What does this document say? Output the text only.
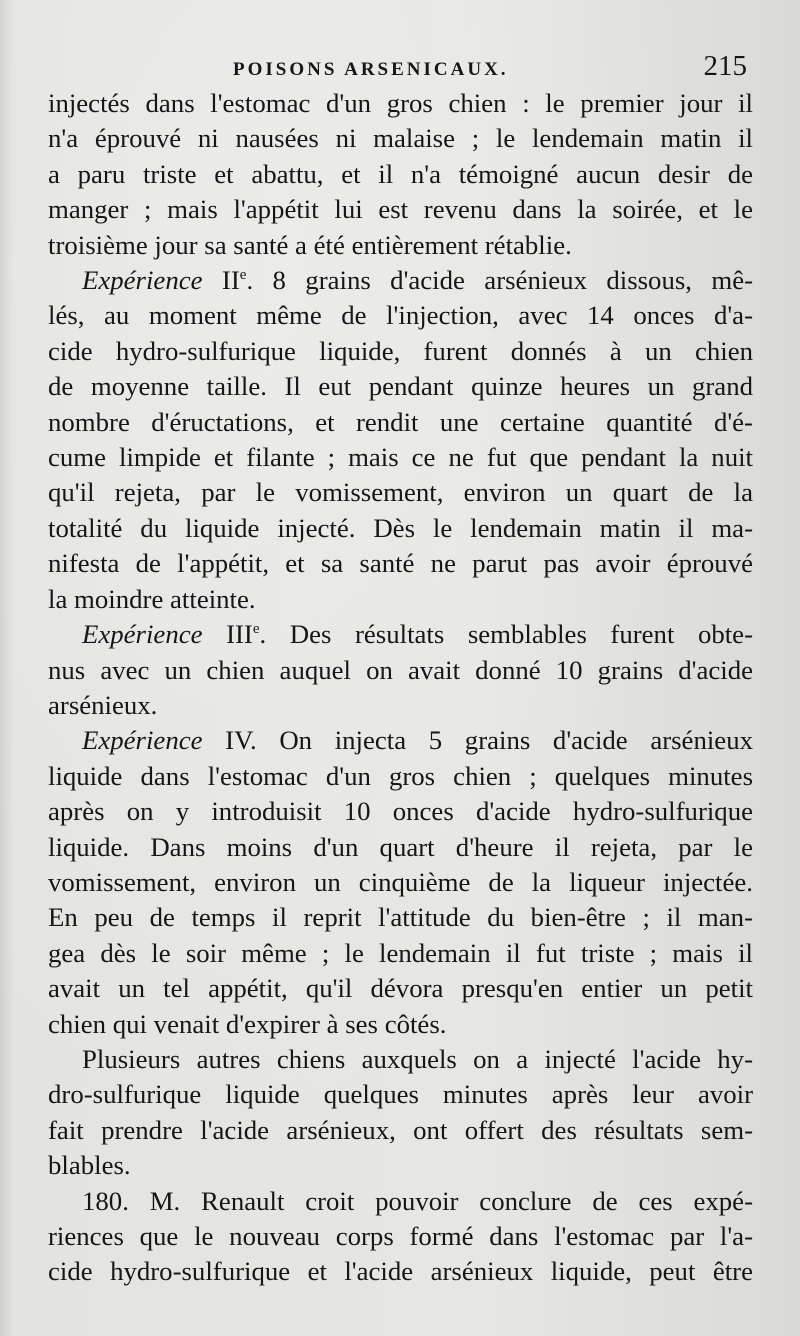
POISONS ARSENICAUX.	215

injectés dans l'estomac d'un gros chien : le premier jour il
n'a éprouvé ni nausées ni malaise ; le lendemain matin il
a paru triste et abattu, et il n'a témoigné aucun desir de
manger ; mais l'appétit lui est revenu dans la soirée, et le
troisième jour sa santé a été entièrement rétablie.

Expérience IIe. 8 grains d'acide arsénieux dissous, mê-
lés, au moment même de l'injection, avec 14 onces d'a-
cide hydro-sulfurique liquide, furent donnés à un chien
de moyenne taille. Il eut pendant quinze heures un grand
nombre d'éructations, et rendit une certaine quantité d'é-
cume limpide et filante ; mais ce ne fut que pendant la nuit
qu'il rejeta, par le vomissement, environ un quart de la
totalité du liquide injecté. Dès le lendemain matin il ma-
nifesta de l'appétit, et sa santé ne parut pas avoir éprouvé
la moindre atteinte.

Expérience IIIe. Des résultats semblables furent obte-
nus avec un chien auquel on avait donné 10 grains d'acide
arsénieux.

Expérience IV. On injecta 5 grains d'acide arsénieux
liquide dans l'estomac d'un gros chien ; quelques minutes
après on y introduisit 10 onces d'acide hydro-sulfurique
liquide. Dans moins d'un quart d'heure il rejeta, par le
vomissement, environ un cinquième de la liqueur injectée.
En peu de temps il reprit l'attitude du bien-être ; il man-
gea dès le soir même ; le lendemain il fut triste ; mais il
avait un tel appétit, qu'il dévora presqu'en entier un petit
chien qui venait d'expirer à ses côtés.

Plusieurs autres chiens auxquels on a injecté l'acide hy-
dro-sulfurique liquide quelques minutes après leur avoir
fait prendre l'acide arsénieux, ont offert des résultats sem-
blables.

180. M. Renault croit pouvoir conclure de ces expé-
riences que le nouveau corps formé dans l'estomac par l'a-
cide hydro-sulfurique et l'acide arsénieux liquide, peut être
